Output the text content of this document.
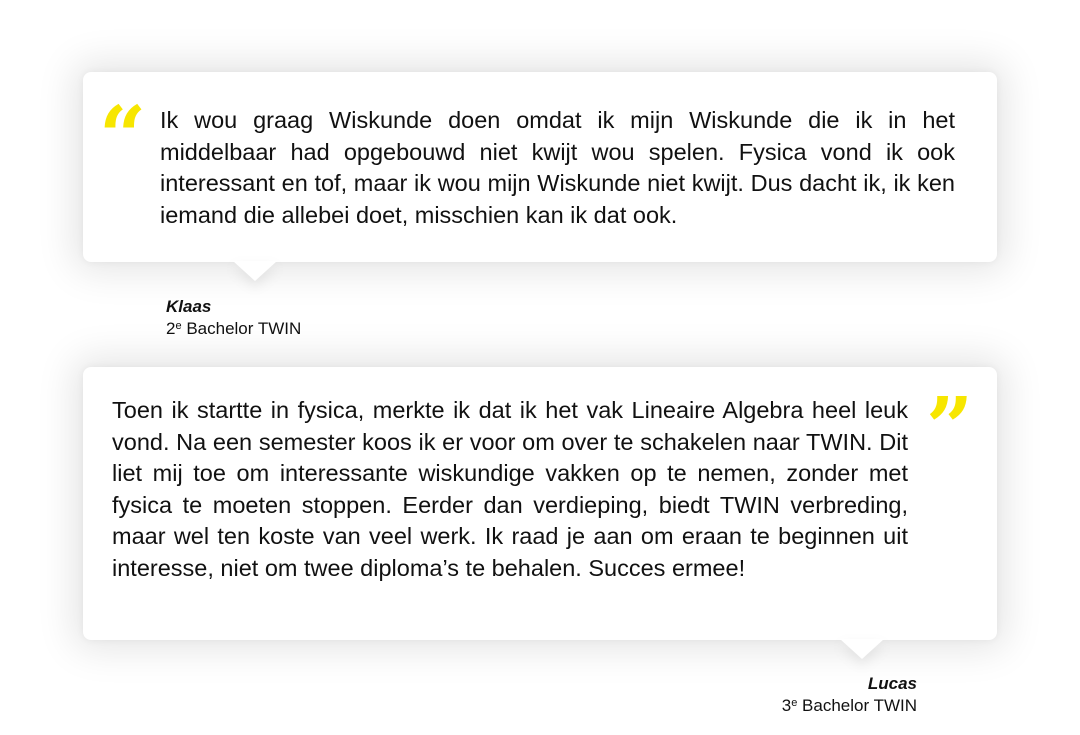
“ Ik wou graag Wiskunde doen omdat ik mijn Wiskunde die ik in het middelbaar had opgebouwd niet kwijt wou spelen. Fysica vond ik ook interessant en tof, maar ik wou mijn Wiskunde niet kwijt. Dus dacht ik, ik ken iemand die allebei doet, misschien kan ik dat ook.

Klaas
2e Bachelor TWIN

Toen ik startte in fysica, merkte ik dat ik het vak Lineaire Algebra heel leuk vond. Na een semester koos ik er voor om over te schakelen naar TWIN. Dit liet mij toe om interessante wiskundige vakken op te nemen, zonder met fysica te moeten stoppen. Eerder dan verdieping, biedt TWIN verbreding, maar wel ten koste van veel werk. Ik raad je aan om eraan te beginnen uit interesse, niet om twee diploma’s te behalen. Succes ermee!

”
Lucas
3e Bachelor TWIN
